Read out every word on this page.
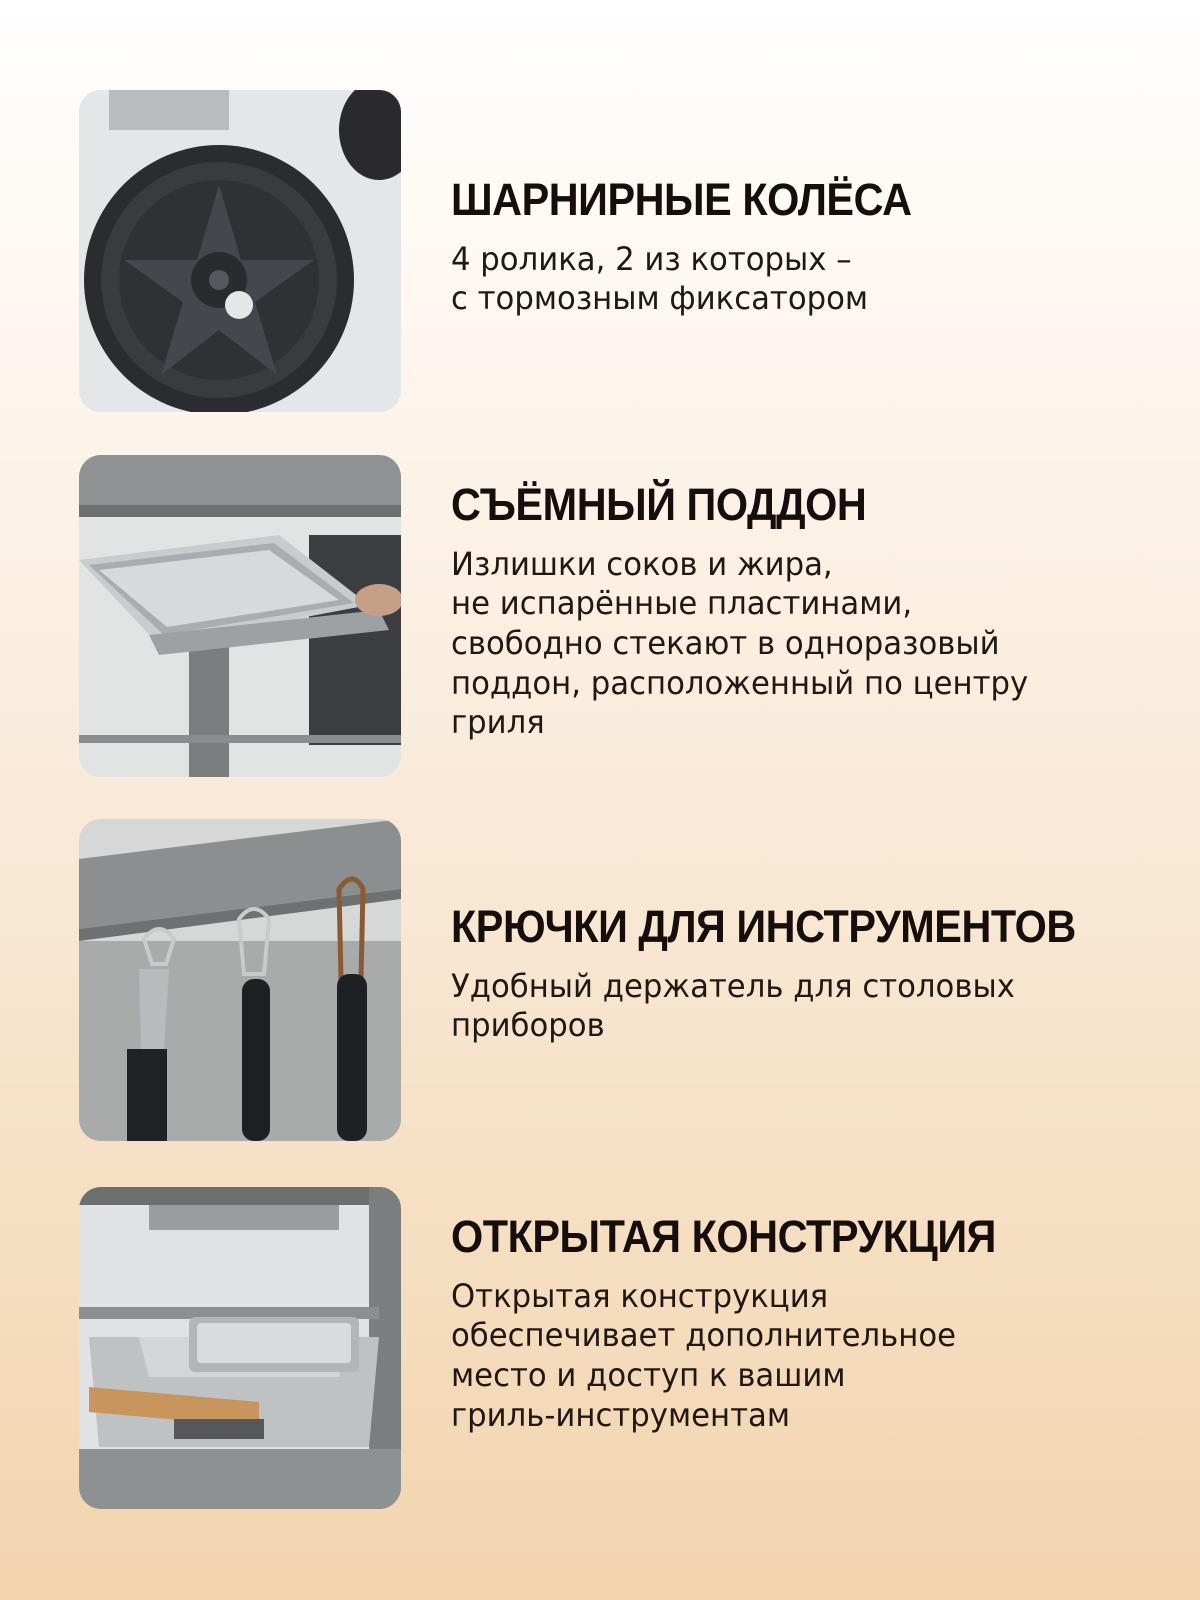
ШАРНИРНЫЕ КОЛЁСА

4 ролика, 2 из которых –
с тормозным фиксатором

СЪЁМНЫЙ ПОДДОН

Излишки соков и жира,
не испарённые пластинами,
свободно стекают в одноразовый
поддон, расположенный по центру
гриля

КРЮЧКИ ДЛЯ ИНСТРУМЕНТОВ

Удобный держатель для столовых
приборов

ОТКРЫТАЯ КОНСТРУКЦИЯ

Открытая конструкция
обеспечивает дополнительное
место и доступ к вашим
гриль-инструментам
